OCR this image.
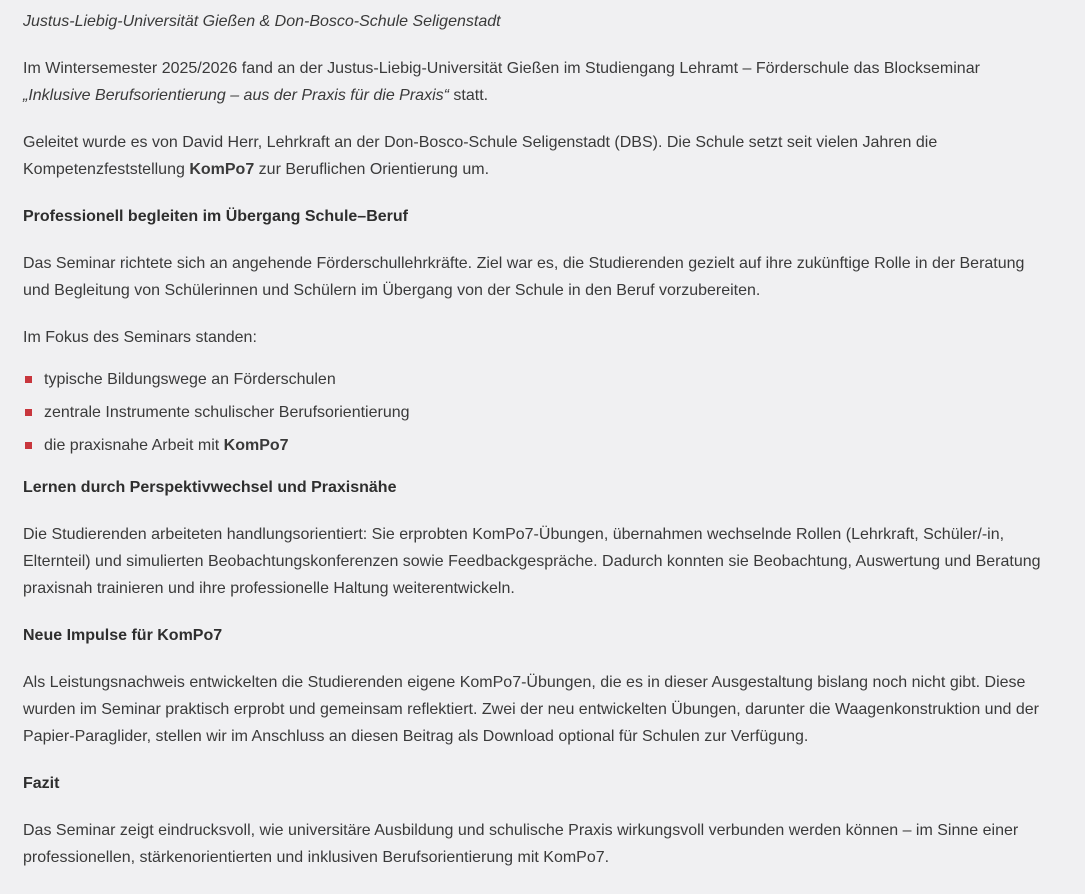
Justus-Liebig-Universität Gießen & Don-Bosco-Schule Seligenstadt

Im Wintersemester 2025/2026 fand an der Justus-Liebig-Universität Gießen im Studiengang Lehramt – Förderschule das Blockseminar „Inklusive Berufsorientierung – aus der Praxis für die Praxis“ statt.

Geleitet wurde es von David Herr, Lehrkraft an der Don-Bosco-Schule Seligenstadt (DBS). Die Schule setzt seit vielen Jahren die Kompetenzfeststellung KomPo7 zur Beruflichen Orientierung um.

Professionell begleiten im Übergang Schule–Beruf

Das Seminar richtete sich an angehende Förderschullehrkräfte. Ziel war es, die Studierenden gezielt auf ihre zukünftige Rolle in der Beratung und Begleitung von Schülerinnen und Schülern im Übergang von der Schule in den Beruf vorzubereiten.

Im Fokus des Seminars standen:

typische Bildungswege an Förderschulen
zentrale Instrumente schulischer Berufsorientierung
die praxisnahe Arbeit mit KomPo7
Lernen durch Perspektivwechsel und Praxisnähe

Die Studierenden arbeiteten handlungsorientiert: Sie erprobten KomPo7-Übungen, übernahmen wechselnde Rollen (Lehrkraft, Schüler/-in, Elternteil) und simulierten Beobachtungskonferenzen sowie Feedbackgespräche. Dadurch konnten sie Beobachtung, Auswertung und Beratung praxisnah trainieren und ihre professionelle Haltung weiterentwickeln.

Neue Impulse für KomPo7

Als Leistungsnachweis entwickelten die Studierenden eigene KomPo7-Übungen, die es in dieser Ausgestaltung bislang noch nicht gibt. Diese wurden im Seminar praktisch erprobt und gemeinsam reflektiert. Zwei der neu entwickelten Übungen, darunter die Waagenkonstruktion und der Papier-Paraglider, stellen wir im Anschluss an diesen Beitrag als Download optional für Schulen zur Verfügung.

Fazit

Das Seminar zeigt eindrucksvoll, wie universitäre Ausbildung und schulische Praxis wirkungsvoll verbunden werden können – im Sinne einer professionellen, stärkenorientierten und inklusiven Berufsorientierung mit KomPo7.
